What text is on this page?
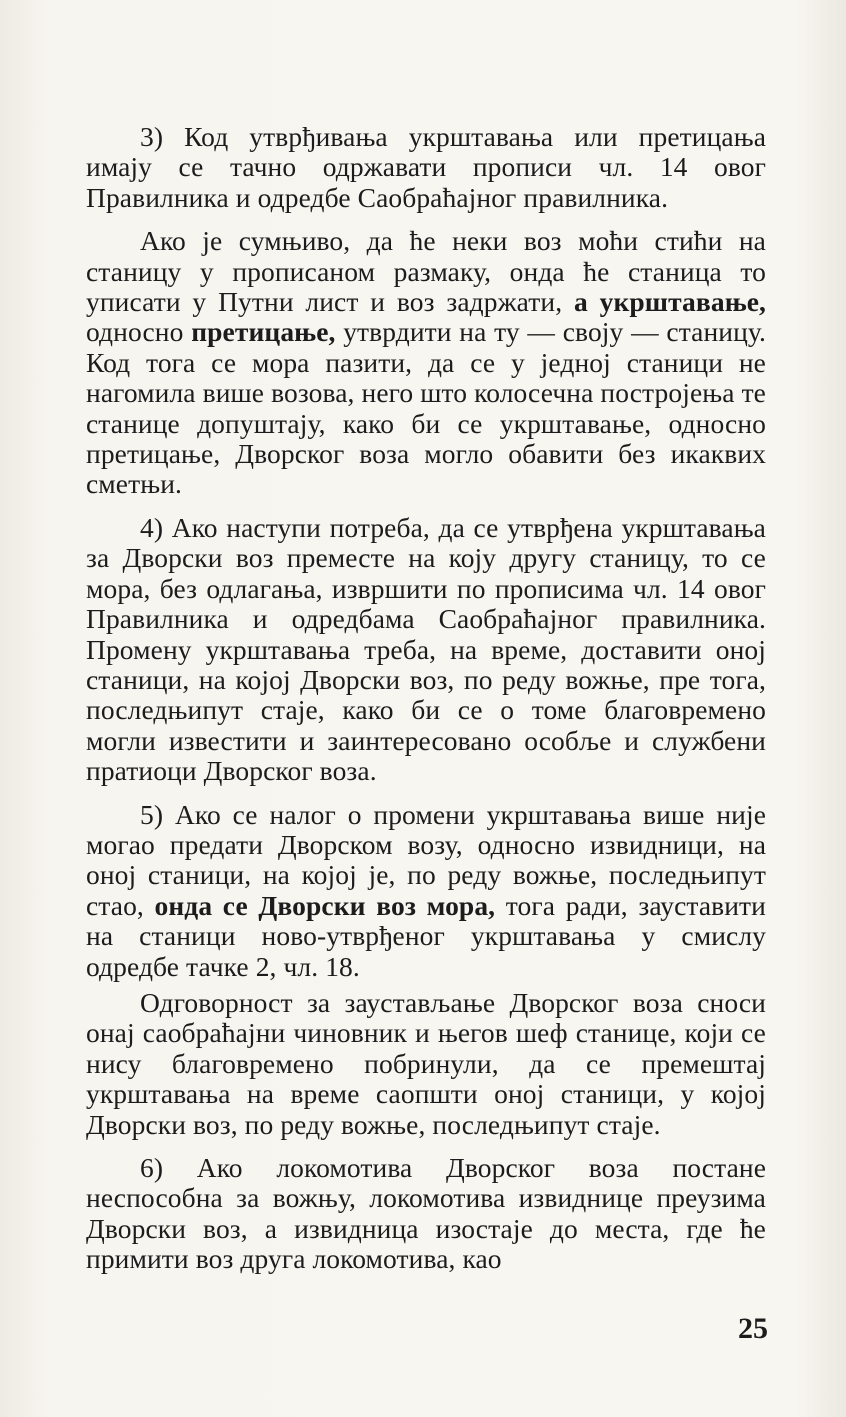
3) Код утврђивања укрштавања или претицања имају се тачно одржавати прописи чл. 14 овог Правилника и одредбе Саобраћајног правилника.

Ако је сумњиво, да ће неки воз моћи стићи на станицу у прописаном размаку, онда ће станица то уписати у Путни лист и воз задржати, а укрштавање, односно претицање, утврдити на ту — своју — станицу. Код тога се мора пазити, да се у једној станици не нагомила више возова, него што колосечна постројења те станице допуштају, како би се укрштавање, односно претицање, Дворског воза могло обавити без икаквих сметњи.

4) Ако наступи потреба, да се утврђена укрштавања за Дворски воз преместе на коју другу станицу, то се мора, без одлагања, извршити по прописима чл. 14 овог Правилника и одредбама Саобраћајног правилника. Промену укрштавања треба, на време, доставити оној станици, на којој Дворски воз, по реду вожње, пре тога, последњипут стаје, како би се о томе благовремено могли известити и заинтересовано особље и службени пратиоци Дворског воза.

5) Ако се налог о промени укрштавања више није могао предати Дворском возу, односно извидници, на оној станици, на којој је, по реду вожње, последњипут стао, онда се Дворски воз мора, тога ради, зауставити на станици ново-утврђеног укрштавања у смислу одредбе тачке 2, чл. 18.

Одговорност за заустављање Дворског воза сноси онај саобраћајни чиновник и његов шеф станице, који се нису благовремено побринули, да се премештај укрштавања на време саопшти оној станици, у којој Дворски воз, по реду вожње, последњипут стаје.

6) Ако локомотива Дворског воза постане неспособна за вожњу, локомотива извиднице преузима Дворски воз, а извидница изостаје до места, где ће примити воз друга локомотива, као

25
